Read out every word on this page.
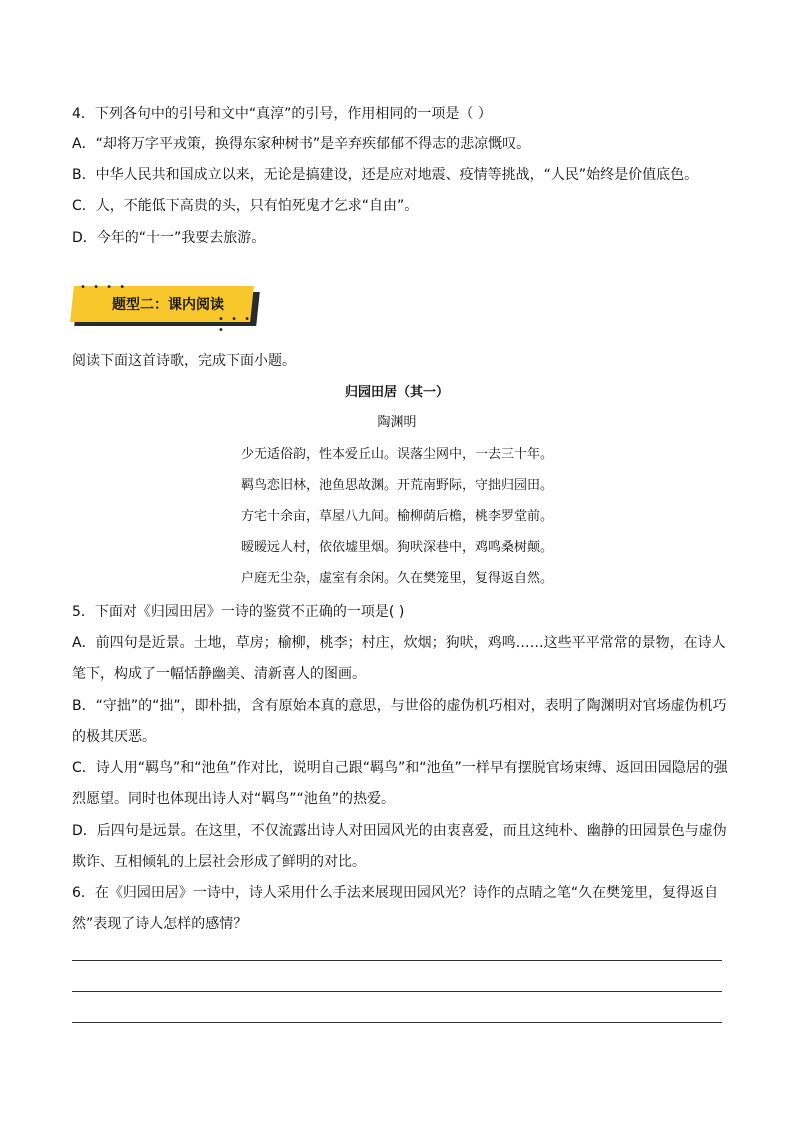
4．下列各句中的引号和文中“真淳”的引号，作用相同的一项是（ ）
A．“却将万字平戎策，换得东家种树书”是辛弃疾郁郁不得志的悲凉慨叹。
B．中华人民共和国成立以来，无论是搞建设，还是应对地震、疫情等挑战，“人民”始终是价值底色。
C．人，不能低下高贵的头，只有怕死鬼才乞求“自由”。
D．今年的“十一”我要去旅游。
• • • •
• • • •
题型二：课内阅读
阅读下面这首诗歌，完成下面小题。
归园田居（其一）
陶渊明
少无适俗韵，性本爱丘山。误落尘网中，一去三十年。
羁鸟恋旧林，池鱼思故渊。开荒南野际，守拙归园田。
方宅十余亩，草屋八九间。榆柳荫后檐，桃李罗堂前。
暧暧远人村，依依墟里烟。狗吠深巷中，鸡鸣桑树颠。
户庭无尘杂，虚室有余闲。久在樊笼里，复得返自然。
5．下面对《归园田居》一诗的鉴赏不正确的一项是( )
A．前四句是近景。土地，草房；榆柳，桃李；村庄，炊烟；狗吠，鸡鸣……这些平平常常的景物，在诗人
笔下，构成了一幅恬静幽美、清新喜人的图画。
B．“守拙”的“拙”，即朴拙，含有原始本真的意思，与世俗的虚伪机巧相对，表明了陶渊明对官场虚伪机巧
的极其厌恶。
C．诗人用“羁鸟”和“池鱼”作对比，说明自己跟“羁鸟”和“池鱼”一样早有摆脱官场束缚、返回田园隐居的强
烈愿望。同时也体现出诗人对“羁鸟”“池鱼”的热爱。
D．后四句是远景。在这里，不仅流露出诗人对田园风光的由衷喜爱，而且这纯朴、幽静的田园景色与虚伪
欺诈、互相倾轧的上层社会形成了鲜明的对比。
6．在《归园田居》一诗中，诗人采用什么手法来展现田园风光？诗作的点睛之笔“久在樊笼里，复得返自
然”表现了诗人怎样的感情？
